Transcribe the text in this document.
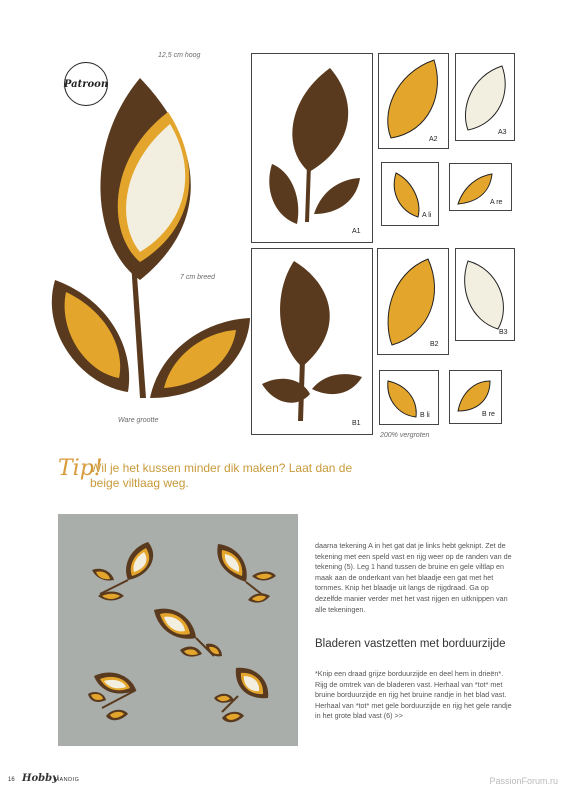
Patroon
12,5 cm hoog
7 cm breed
Ware grootte
A1
A2
A3
A li
A re
B1
B2
B3
B li	B re
200% vergroten
Tip!
Wil je het kussen minder dik maken? Laat dan de beige viltlaag weg.
daarna tekening A in het gat dat je links hebt geknipt. Zet de tekening met een speld vast en rijg weer op de randen van de tekening (5). Leg 1 hand tussen de bruine en gele viltlap en maak aan de onderkant van het blaadje een gat met het tornmes. Knip het blaadje uit langs de rijgdraad. Ga op dezelfde manier verder met het vast rijgen en uitknippen van alle tekeningen.
Bladeren vastzetten met borduurzijde
*Knip een draad grijze borduurzijde en deel hem in drieën*. Rijg de omtrek van de bladeren vast. Herhaal van *tot* met bruine borduurzijde en rijg het bruine randje in het blad vast. Herhaal van *tot* met gele borduurzijde en rijg het gele randje in het grote blad vast (6) >>
16 Hobby
HANDIG	PassionForum.ru
